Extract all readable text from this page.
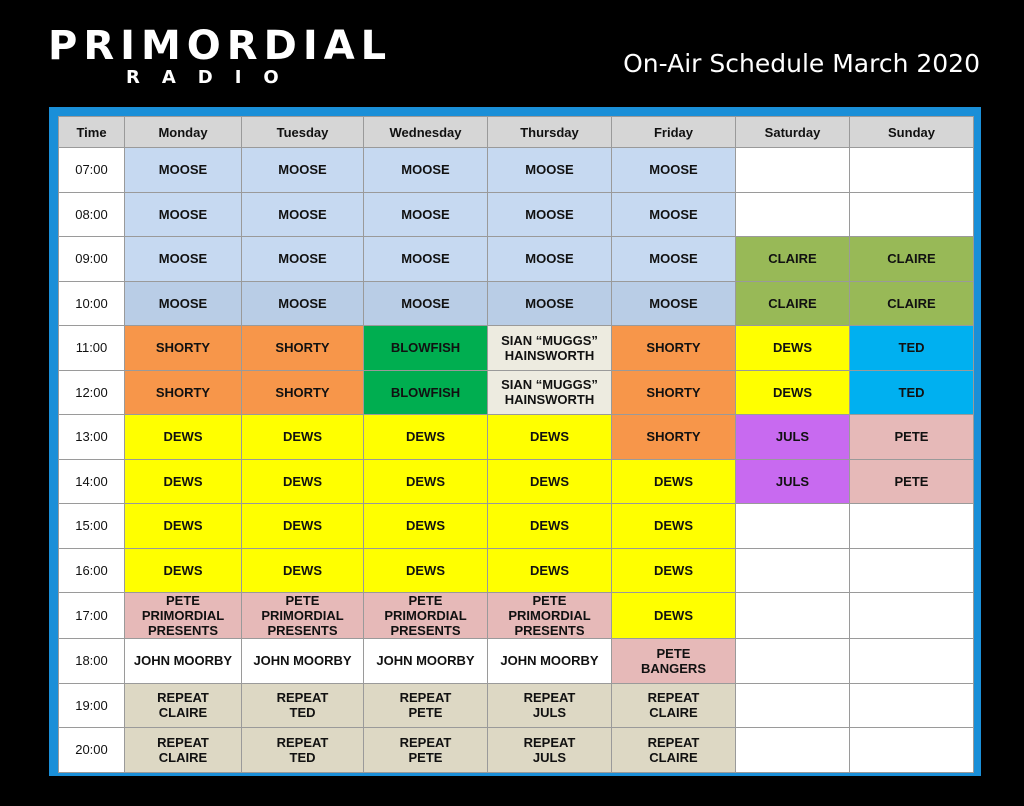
PRIMORDIAL
RADIO	On-Air Schedule March 2020
Time	Monday	Tuesday	Wednesday	Thursday	Friday	Saturday	Sunday
07:00	MOOSE	MOOSE	MOOSE	MOOSE	MOOSE		
08:00	MOOSE	MOOSE	MOOSE	MOOSE	MOOSE		
09:00	MOOSE	MOOSE	MOOSE	MOOSE	MOOSE	CLAIRE	CLAIRE
10:00	MOOSE	MOOSE	MOOSE	MOOSE	MOOSE	CLAIRE	CLAIRE
11:00	SHORTY	SHORTY	BLOWFISH	SIAN “MUGGS”
HAINSWORTH	SHORTY	DEWS	TED
12:00	SHORTY	SHORTY	BLOWFISH	SIAN “MUGGS”
HAINSWORTH	SHORTY	DEWS	TED
13:00	DEWS	DEWS	DEWS	DEWS	SHORTY	JULS	PETE
14:00	DEWS	DEWS	DEWS	DEWS	DEWS	JULS	PETE
15:00	DEWS	DEWS	DEWS	DEWS	DEWS		
16:00	DEWS	DEWS	DEWS	DEWS	DEWS		
17:00	PETE
PRIMORDIAL
PRESENTS	PETE
PRIMORDIAL
PRESENTS	PETE
PRIMORDIAL
PRESENTS	PETE
PRIMORDIAL
PRESENTS	DEWS		
18:00	JOHN MOORBY	JOHN MOORBY	JOHN MOORBY	JOHN MOORBY	PETE
BANGERS		
19:00	REPEAT
CLAIRE	REPEAT
TED	REPEAT
PETE	REPEAT
JULS	REPEAT
CLAIRE		
20:00	REPEAT
CLAIRE	REPEAT
TED	REPEAT
PETE	REPEAT
JULS	REPEAT
CLAIRE		
